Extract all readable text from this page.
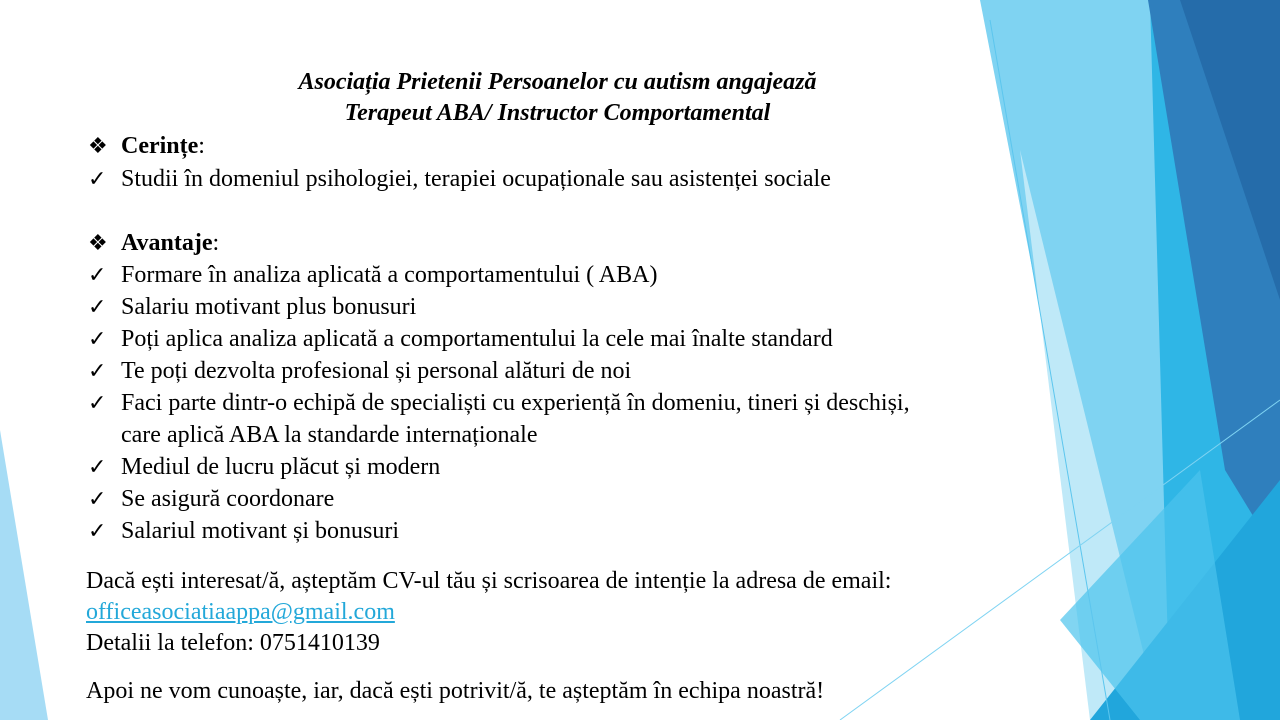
Asociația Prietenii Persoanelor cu autism angajează
Terapeut ABA/ Instructor Comportamental
❖ Cerințe:
✓ Studii în domeniul psihologiei, terapiei ocupaționale sau asistenței sociale
❖ Avantaje:
✓ Formare în analiza aplicată a comportamentului ( ABA)
✓ Salariu motivant plus bonusuri
✓ Poți aplica analiza aplicată a comportamentului la cele mai înalte standard
✓ Te poți dezvolta profesional și personal alături de noi
✓ Faci parte dintr-o echipă de specialiști cu experiență în domeniu, tineri și deschiși,
care aplică ABA la standarde internaționale
✓ Mediul de lucru plăcut și modern
✓ Se asigură coordonare
✓ Salariul motivant și bonusuri
Dacă ești interesat/ă, așteptăm CV-ul tău și scrisoarea de intenție la adresa de email:
officeasociatiaappa@gmail.com
Detalii la telefon: 0751410139
Apoi ne vom cunoaște, iar, dacă ești potrivit/ă, te așteptăm în echipa noastră!
